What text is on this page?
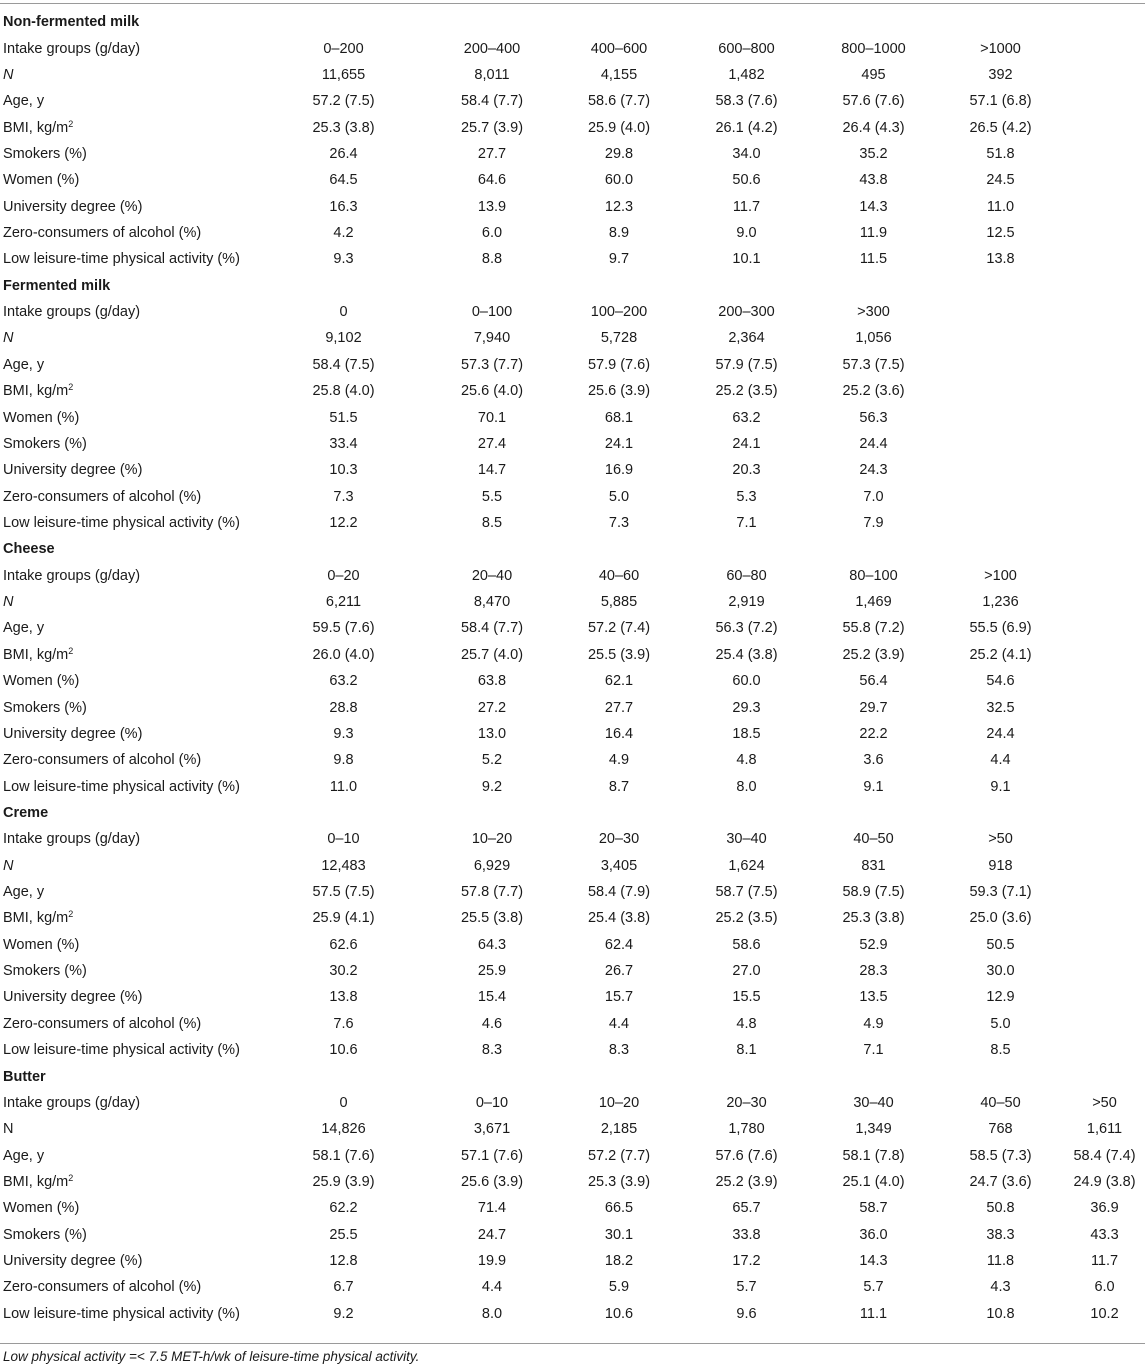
Non-fermented milk							
Intake groups (g/day)	0–200	200–400	400–600	600–800	800–1000	>1000	
N	11,655	8,011	4,155	1,482	495	392	
Age, y	57.2 (7.5)	58.4 (7.7)	58.6 (7.7)	58.3 (7.6)	57.6 (7.6)	57.1 (6.8)	
BMI, $kg/m^2$	25.3 (3.8)	25.7 (3.9)	25.9 (4.0)	26.1 (4.2)	26.4 (4.3)	26.5 (4.2)	
Smokers (%)	26.4	27.7	29.8	34.0	35.2	51.8	
Women (%)	64.5	64.6	60.0	50.6	43.8	24.5	
University degree (%)	16.3	13.9	12.3	11.7	14.3	11.0	
Zero-consumers of alcohol (%)	4.2	6.0	8.9	9.0	11.9	12.5	
Low leisure-time physical activity (%)	9.3	8.8	9.7	10.1	11.5	13.8	
Fermented milk							
Intake groups (g/day)	0	0–100	100–200	200–300	>300		
N	9,102	7,940	5,728	2,364	1,056		
Age, y	58.4 (7.5)	57.3 (7.7)	57.9 (7.6)	57.9 (7.5)	57.3 (7.5)		
BMI, $kg/m^2$	25.8 (4.0)	25.6 (4.0)	25.6 (3.9)	25.2 (3.5)	25.2 (3.6)		
Women (%)	51.5	70.1	68.1	63.2	56.3		
Smokers (%)	33.4	27.4	24.1	24.1	24.4		
University degree (%)	10.3	14.7	16.9	20.3	24.3		
Zero-consumers of alcohol (%)	7.3	5.5	5.0	5.3	7.0		
Low leisure-time physical activity (%)	12.2	8.5	7.3	7.1	7.9		
Cheese							
Intake groups (g/day)	0–20	20–40	40–60	60–80	80–100	>100	
N	6,211	8,470	5,885	2,919	1,469	1,236	
Age, y	59.5 (7.6)	58.4 (7.7)	57.2 (7.4)	56.3 (7.2)	55.8 (7.2)	55.5 (6.9)	
BMI, $kg/m^2$	26.0 (4.0)	25.7 (4.0)	25.5 (3.9)	25.4 (3.8)	25.2 (3.9)	25.2 (4.1)	
Women (%)	63.2	63.8	62.1	60.0	56.4	54.6	
Smokers (%)	28.8	27.2	27.7	29.3	29.7	32.5	
University degree (%)	9.3	13.0	16.4	18.5	22.2	24.4	
Zero-consumers of alcohol (%)	9.8	5.2	4.9	4.8	3.6	4.4	
Low leisure-time physical activity (%)	11.0	9.2	8.7	8.0	9.1	9.1	
Creme							
Intake groups (g/day)	0–10	10–20	20–30	30–40	40–50	>50	
N	12,483	6,929	3,405	1,624	831	918	
Age, y	57.5 (7.5)	57.8 (7.7)	58.4 (7.9)	58.7 (7.5)	58.9 (7.5)	59.3 (7.1)	
BMI, $kg/m^2$	25.9 (4.1)	25.5 (3.8)	25.4 (3.8)	25.2 (3.5)	25.3 (3.8)	25.0 (3.6)	
Women (%)	62.6	64.3	62.4	58.6	52.9	50.5	
Smokers (%)	30.2	25.9	26.7	27.0	28.3	30.0	
University degree (%)	13.8	15.4	15.7	15.5	13.5	12.9	
Zero-consumers of alcohol (%)	7.6	4.6	4.4	4.8	4.9	5.0	
Low leisure-time physical activity (%)	10.6	8.3	8.3	8.1	7.1	8.5	
Butter							
Intake groups (g/day)	0	0–10	10–20	20–30	30–40	40–50	>50
N	14,826	3,671	2,185	1,780	1,349	768	1,611
Age, y	58.1 (7.6)	57.1 (7.6)	57.2 (7.7)	57.6 (7.6)	58.1 (7.8)	58.5 (7.3)	58.4 (7.4)
BMI, $kg/m^2$	25.9 (3.9)	25.6 (3.9)	25.3 (3.9)	25.2 (3.9)	25.1 (4.0)	24.7 (3.6)	24.9 (3.8)
Women (%)	62.2	71.4	66.5	65.7	58.7	50.8	36.9
Smokers (%)	25.5	24.7	30.1	33.8	36.0	38.3	43.3
University degree (%)	12.8	19.9	18.2	17.2	14.3	11.8	11.7
Zero-consumers of alcohol (%)	6.7	4.4	5.9	5.7	5.7	4.3	6.0
Low leisure-time physical activity (%)	9.2	8.0	10.6	9.6	11.1	10.8	10.2
Low physical activity =< 7.5 MET-h/wk of leisure-time physical activity.
